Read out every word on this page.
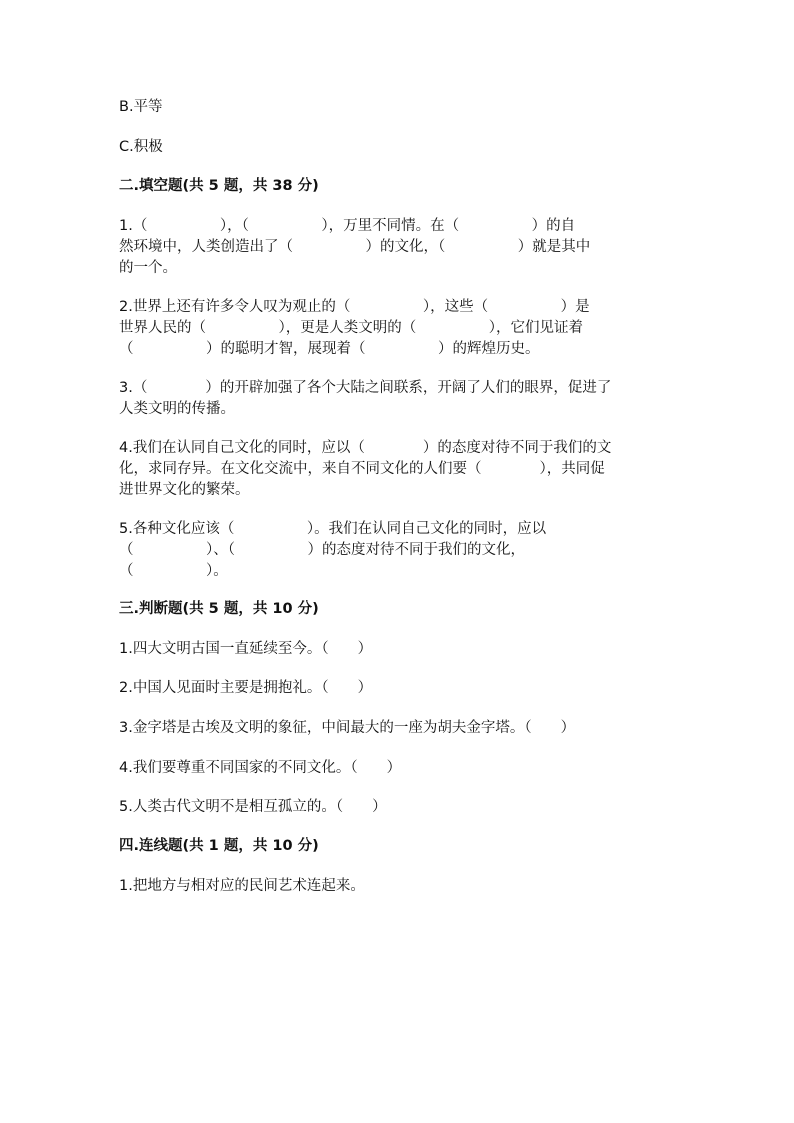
B.平等
C.积极
二.填空题(共 5 题，共 38 分)
1.（　　　　　），（　　　　　），万里不同情。在（　　　　　）的自
然环境中，人类创造出了（　　　　　）的文化，（　　　　　）就是其中
的一个。
2.世界上还有许多令人叹为观止的（　　　　　），这些（　　　　　）是
世界人民的（　　　　　），更是人类文明的（　　　　　），它们见证着
（　　　　　）的聪明才智，展现着（　　　　　）的辉煌历史。
3.（　　　　）的开辟加强了各个大陆之间联系，开阔了人们的眼界，促进了
人类文明的传播。
4.我们在认同自己文化的同时，应以（　　　　）的态度对待不同于我们的文
化，求同存异。在文化交流中，来自不同文化的人们要（　　　　），共同促
进世界文化的繁荣。
5.各种文化应该（　　　　　）。我们在认同自己文化的同时，应以
（　　　　　）、（　　　　　）的态度对待不同于我们的文化，
（　　　　　）。
三.判断题(共 5 题，共 10 分)
1.四大文明古国一直延续至今。（　　）
2.中国人见面时主要是拥抱礼。（　　）
3.金字塔是古埃及文明的象征，中间最大的一座为胡夫金字塔。（　　）
4.我们要尊重不同国家的不同文化。（　　）
5.人类古代文明不是相互孤立的。（　　）
四.连线题(共 1 题，共 10 分)
1.把地方与相对应的民间艺术连起来。
